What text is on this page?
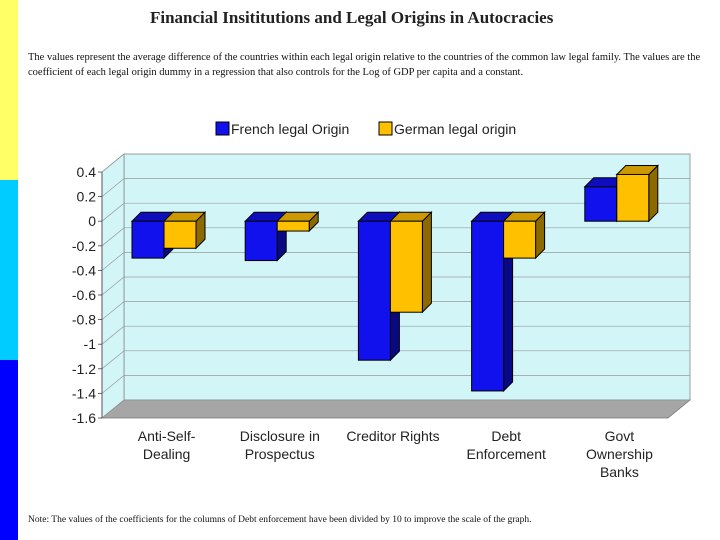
Financial Insititutions and Legal Origins in Autocracies
The values represent the average difference of the countries within each legal origin relative to the countries of the common law legal family. The values are the coefficient of each legal origin dummy in a regression that also controls for the Log of GDP per capita and a constant.
0.4
0.2
0
-0.2
-0.4
-0.6
-0.8
-1
-1.2
-1.4
-1.6
Anti-Self-Dealing
Disclosure in Prospectus
Creditor Rights	Debt Enforcement
Govt Ownership Banks
French legal Origin	German legal origin
Note: The values of the coefficients for the columns of Debt enforcement have been divided by 10 to improve the scale of the graph.
